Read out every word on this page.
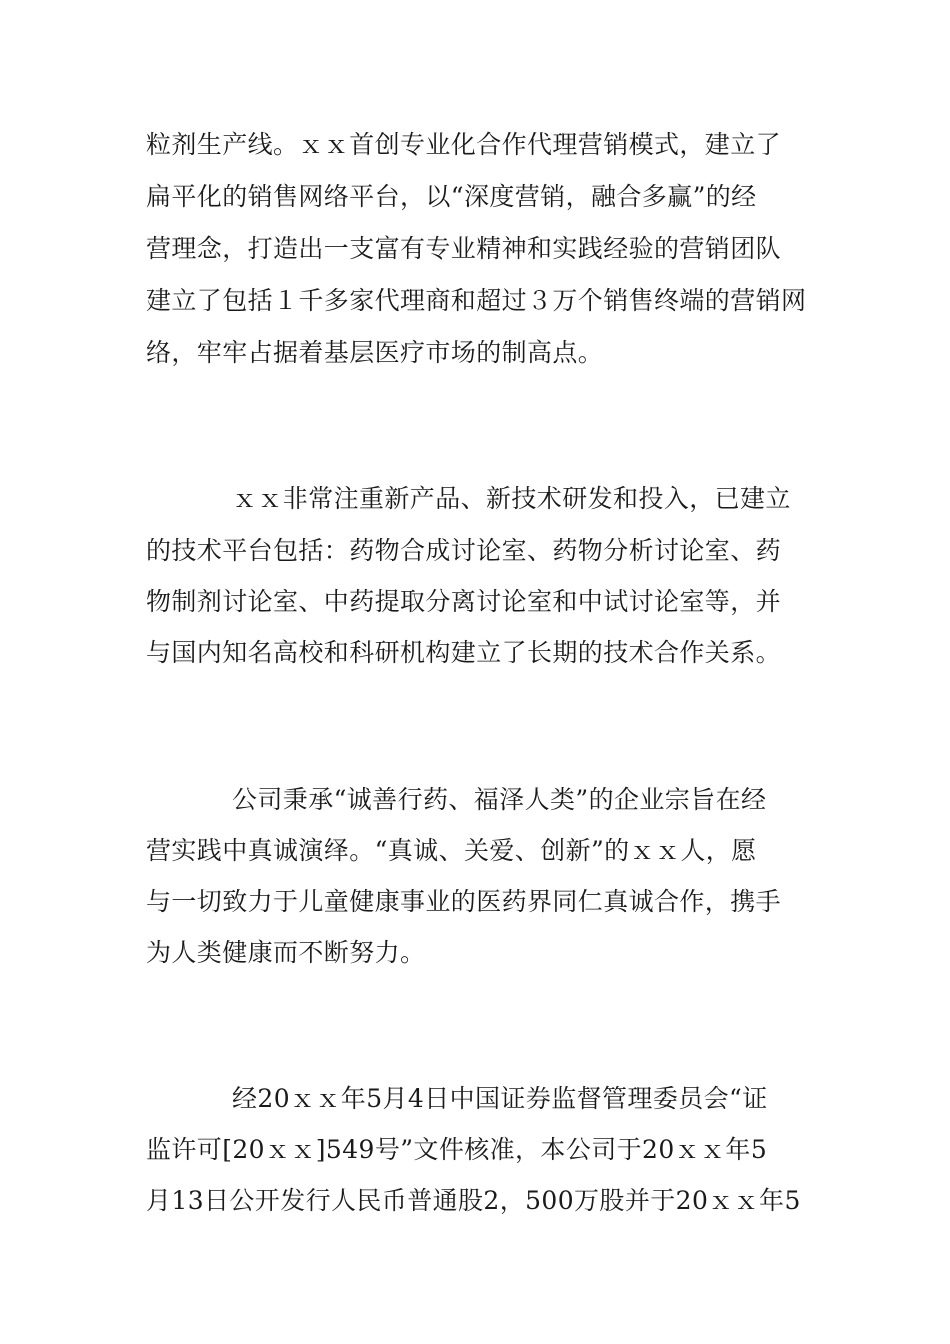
粒剂生产线。ｘｘ首创专业化合作代理营销模式，建立了

扁平化的销售网络平台，以“深度营销，融合多赢”的经

营理念，打造出一支富有专业精神和实践经验的营销团队

建立了包括１千多家代理商和超过３万个销售终端的营销网

络，牢牢占据着基层医疗市场的制高点。

ｘｘ非常注重新产品、新技术研发和投入，已建立

的技术平台包括：药物合成讨论室、药物分析讨论室、药

物制剂讨论室、中药提取分离讨论室和中试讨论室等，并

与国内知名高校和科研机构建立了长期的技术合作关系。

公司秉承“诚善行药、福泽人类”的企业宗旨在经

营实践中真诚演绎。“真诚、关爱、创新”的ｘｘ人，愿

与一切致力于儿童健康事业的医药界同仁真诚合作，携手

为人类健康而不断努力。

经20ｘｘ年5月4日中国证券监督管理委员会“证

监许可[20ｘｘ]549号”文件核准，本公司于20ｘｘ年5

月13日公开发行人民币普通股2，500万股并于20ｘｘ年5
